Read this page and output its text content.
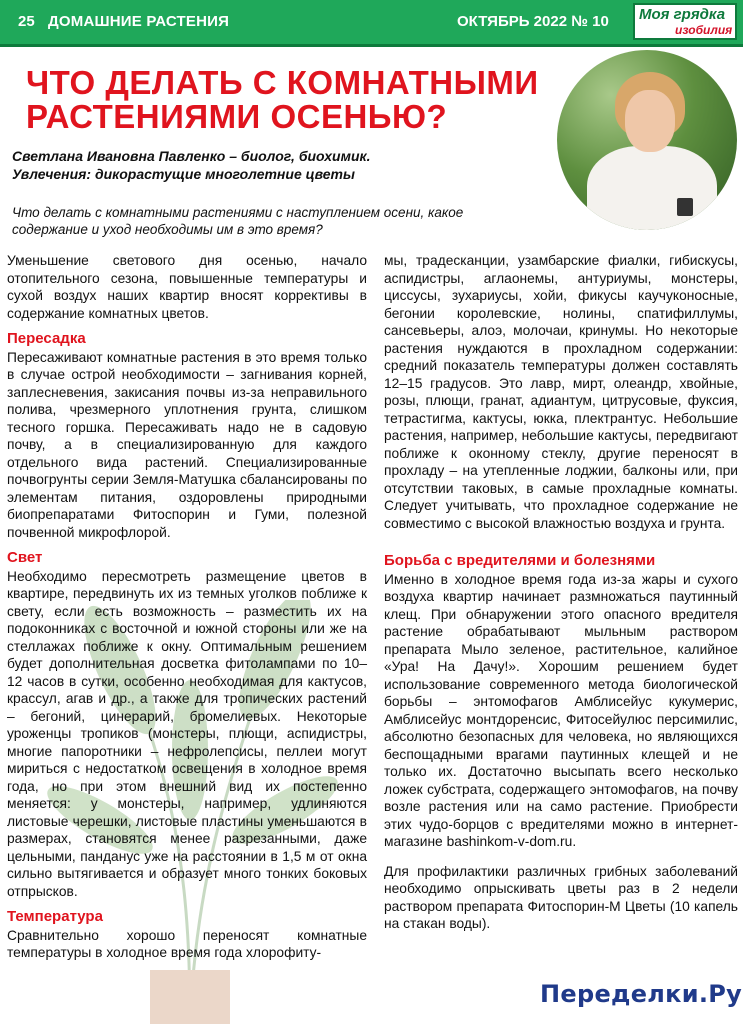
25 ДОМАШНИЕ РАСТЕНИЯ	ОКТЯБРЬ 2022 № 10 Моя грядка
изобилия
ЧТО ДЕЛАТЬ С КОМНАТНЫМИ РАСТЕНИЯМИ ОСЕНЬЮ?
Светлана Ивановна Павленко – биолог, биохимик.
Увлечения: дикорастущие многолетние цветы
Что делать с комнатными растениями с наступлением осени, какое содержание и уход необходимы им в это время?

Уменьшение светового дня осенью, начало отопительного сезона, повышенные температуры и сухой воздух наших квартир вносят коррективы в содержание комнатных цветов.

Пересадка

Пересаживают комнатные растения в это время только в случае острой необходимости – загнивания корней, заплесневения, закисания почвы из-за неправильного полива, чрезмерного уплотнения грунта, слишком тесного горшка. Пересаживать надо не в садовую почву, а в специализированную для каждого отдельного вида растений. Специализированные почвогрунты серии Земля-Матушка сбалансированы по элементам питания, оздоровлены природными биопрепаратами Фитоспорин и Гуми, полезной почвенной микрофлорой.

Свет

Необходимо пересмотреть размещение цветов в квартире, передвинуть их из темных уголков поближе к свету, если есть возможность – разместить их на подоконниках с восточной и южной стороны или же на стеллажах поближе к окну. Оптимальным решением будет дополнительная досветка фитолампами по 10–12 часов в сутки, особенно необходимая для кактусов, крассул, агав и др., а также для тропических растений – бегоний, цинерарий, бромелиевых. Некоторые уроженцы тропиков (монстеры, плющи, аспидистры, многие папоротники – нефролепсисы, пеллеи могут мириться с недостатком освещения в холодное время года, но при этом внешний вид их постепенно меняется: у монстеры, например, удлиняются листовые черешки, листовые пластины уменьшаются в размерах, становятся менее разрезанными, даже цельными, панданус уже на расстоянии в 1,5 м от окна сильно вытягивается и образует много тонких боковых отпрысков.

Температура

Сравнительно хорошо переносят комнатные температуры в холодное время года хлорофиту-

мы, традесканции, узамбарские фиалки, гибискусы, аспидистры, аглаонемы, антуриумы, монстеры, циссусы, зухариусы, хойи, фикусы каучуконосные, бегонии королевские, нолины, спатифиллумы, сансевьеры, алоэ, молочаи, кринумы. Но некоторые растения нуждаются в прохладном содержании: средний показатель температуры должен составлять 12–15 градусов. Это лавр, мирт, олеандр, хвойные, розы, плющи, гранат, адиантум, цитрусовые, фуксия, тетрастигма, кактусы, юкка, плектрантус. Небольшие растения, например, небольшие кактусы, передвигают поближе к оконному стеклу, другие переносят в прохладу – на утепленные лоджии, балконы или, при отсутствии таковых, в самые прохладные комнаты. Следует учитывать, что прохладное содержание не совместимо с высокой влажностью воздуха и грунта.

Борьба с вредителями и болезнями

Именно в холодное время года из-за жары и сухого воздуха квартир начинает размножаться паутинный клещ. При обнаружении этого опасного вредителя растение обрабатывают мыльным раствором препарата Мыло зеленое, растительное, калийное «Ура! На Дачу!». Хорошим решением будет использование современного метода биологической борьбы – энтомофагов Амблисейус кукумерис, Амблисейус монтдоренсис, Фитосейулюс персимилис, абсолютно безопасных для человека, но являющихся беспощадными врагами паутинных клещей и не только их. Достаточно высыпать всего несколько ложек субстрата, содержащего энтомофагов, на почву возле растения или на само растение. Приобрести этих чудо-борцов с вредителями можно в интернет-магазине bashinkom-v-dom.ru.

Для профилактики различных грибных заболеваний необходимо опрыскивать цветы раз в 2 недели раствором препарата Фитоспорин-М Цветы (10 капель на стакан воды).

Переделки.Ру
